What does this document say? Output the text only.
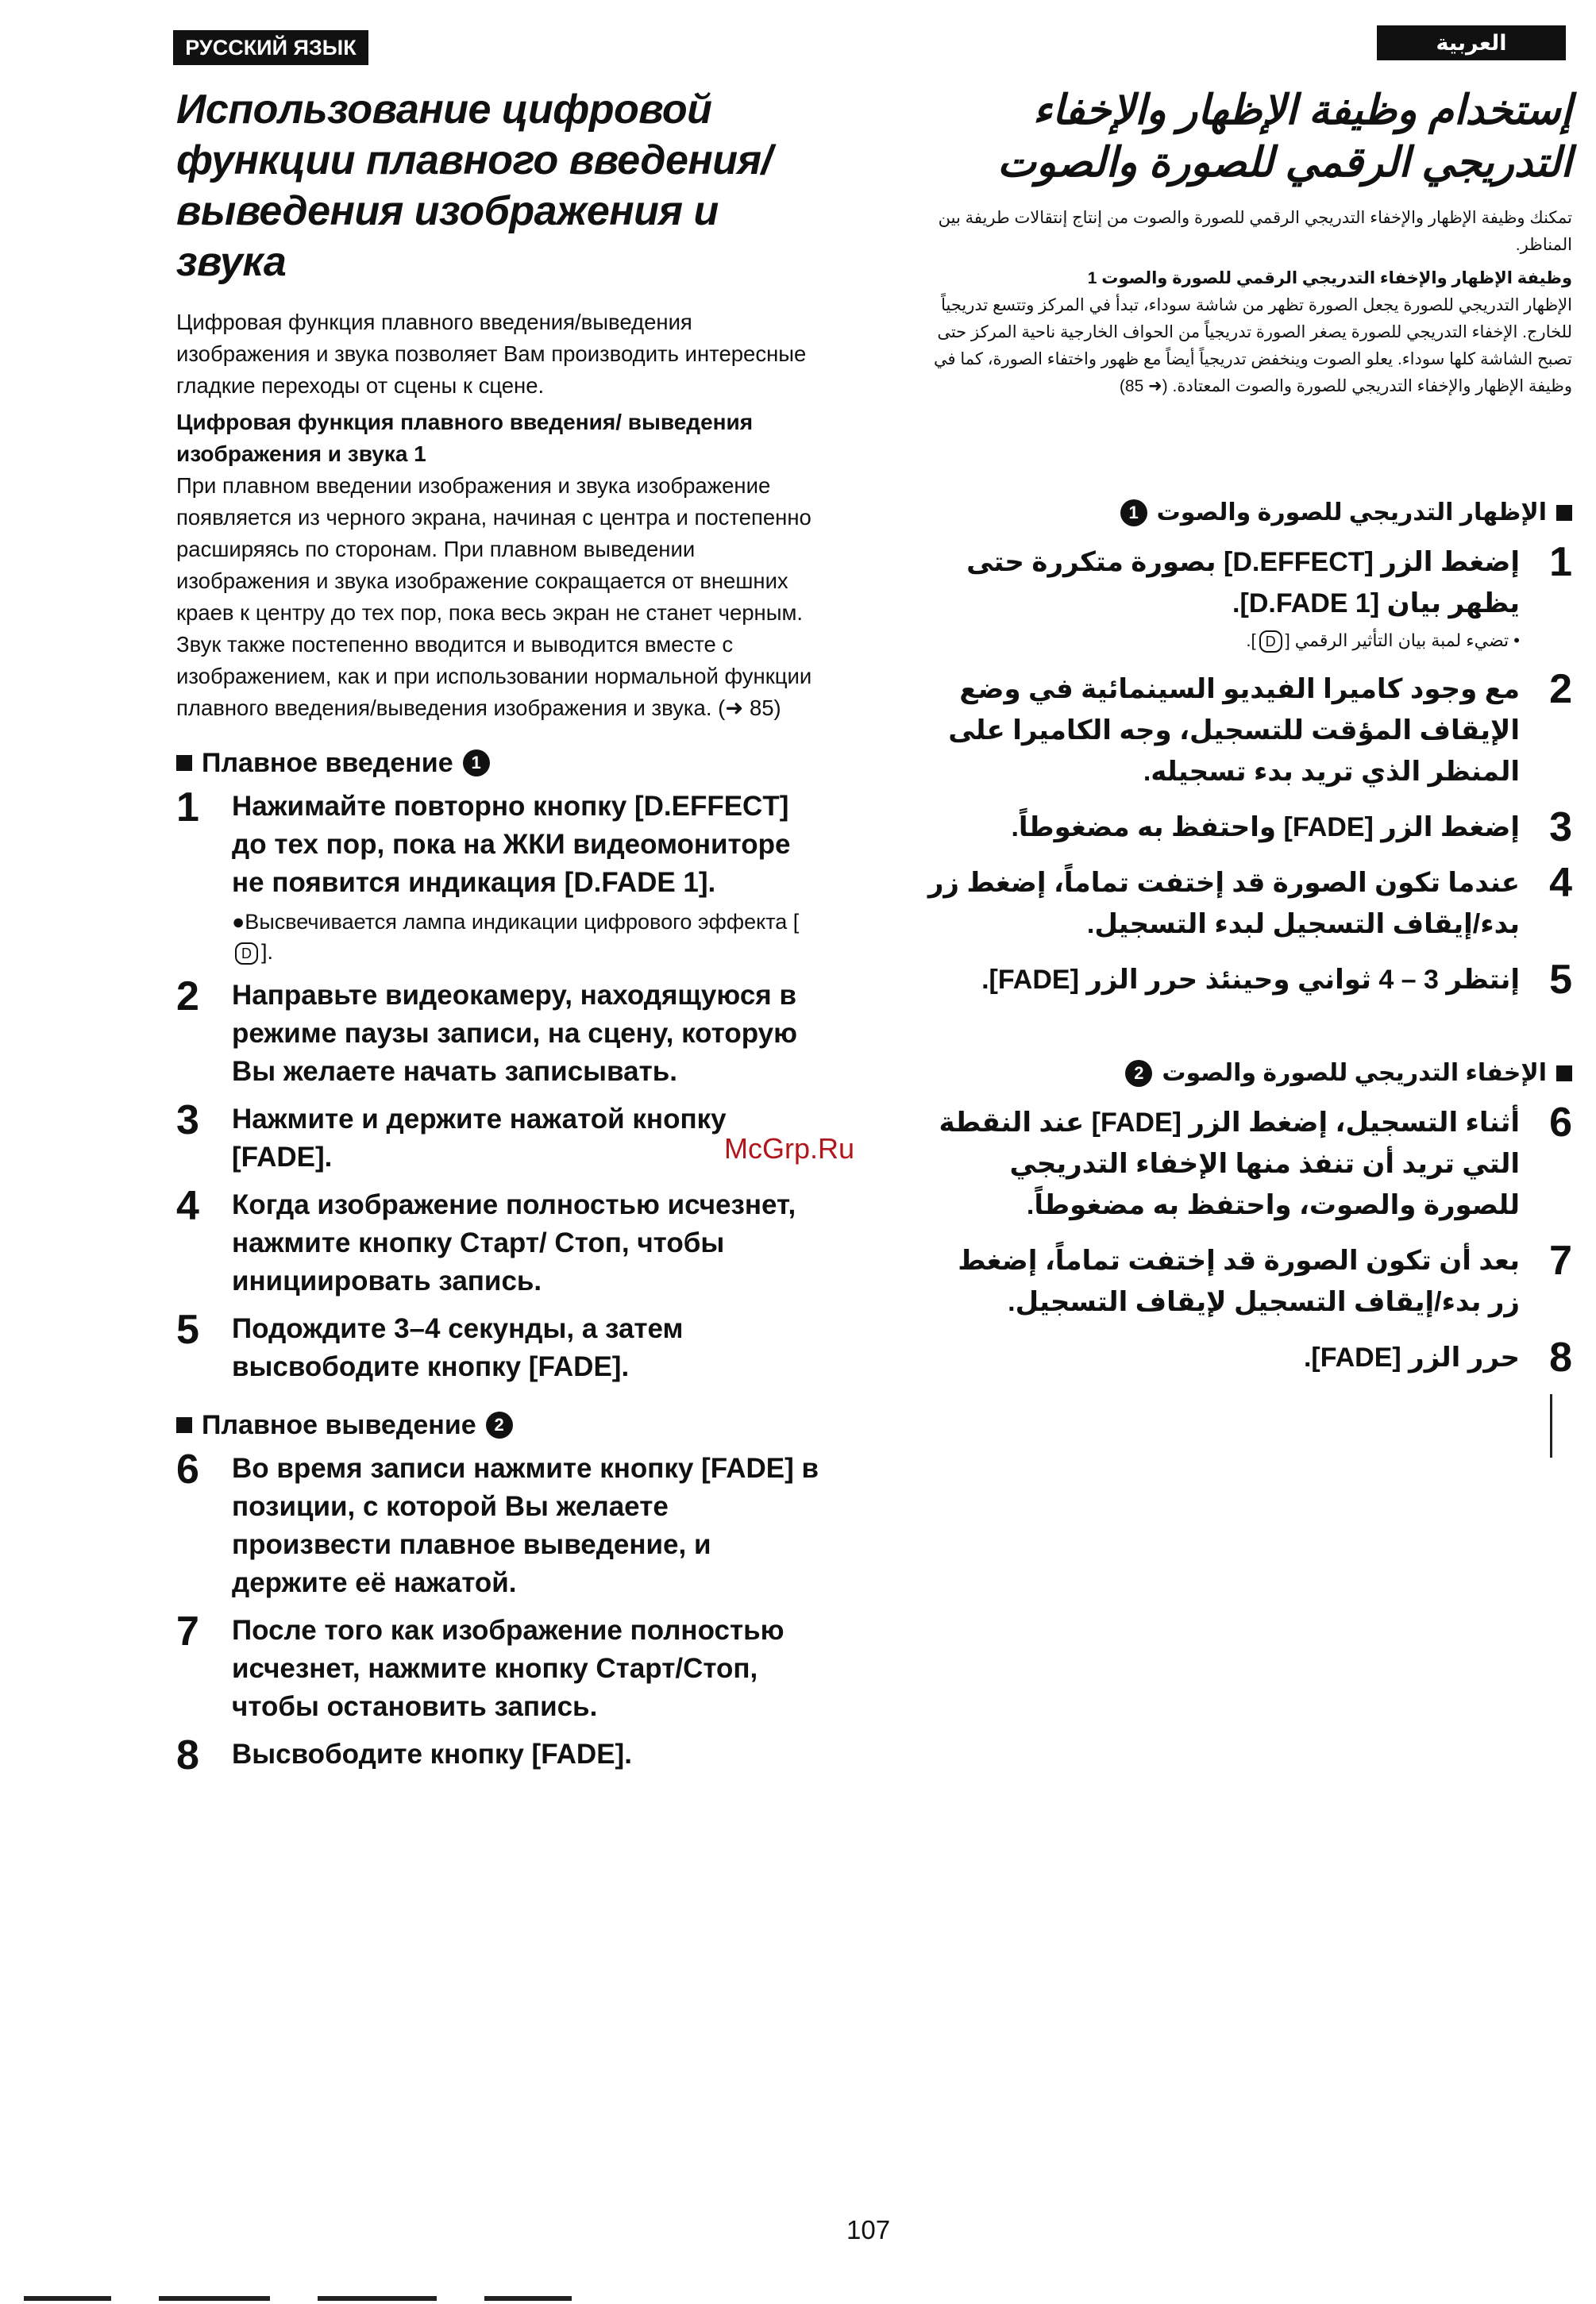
РУССКИЙ ЯЗЫК	العربية
Использование цифровой функции плавного введения/выведения изображения и звука

Цифровая функция плавного введения/выведения изображения и звука позволяет Вам производить интересные гладкие переходы от сцены к сцене.

Цифровая функция плавного введения/ выведения изображения и звука 1

При плавном введении изображения и звука изображение появляется из черного экрана, начиная с центра и постепенно расширяясь по сторонам. При плавном выведении изображения и звука изображение сокращается от внешних краев к центру до тех пор, пока весь экран не станет черным. Звук также постепенно вводится и выводится вместе с изображением, как и при использовании нормальной функции плавного введения/выведения изображения и звука. (➜ 85)

Плавное введение	1
1	Нажимайте повторно кнопку [D.EFFECT] до тех пор, пока на ЖКИ видеомониторе не появится индикация [D.FADE 1].

●Высвечивается лампа индикации цифрового эффекта [D ].

2	Направьте видеокамеру, находящуюся в режиме паузы записи, на сцену, которую Вы желаете начать записывать.

3	Нажмите и держите нажатой кнопку [FADE].

4	Когда изображение полностью исчезнет, нажмите кнопку Старт/ Стоп, чтобы инициировать запись.

5	Подождите 3–4 секунды, а затем высвободите кнопку [FADE].

Плавное выведение	2
6	Во время записи нажмите кнопку [FADE] в позиции, с которой Вы желаете произвести плавное выведение, и держите её нажатой.

7	После того как изображение полностью исчезнет, нажмите кнопку Старт/Стоп, чтобы остановить запись.

8	Высвободите кнопку [FADE].

إستخدام وظيفة الإظهار والإخفاء التدريجي الرقمي للصورة والصوت

تمكنك وظيفة الإظهار والإخفاء التدريجي الرقمي للصورة والصوت من إنتاج إنتقالات طريفة بين المناظر.

وظيفة الإظهار والإخفاء التدريجي الرقمي للصورة والصوت 1

الإظهار التدريجي للصورة يجعل الصورة تظهر من شاشة سوداء، تبدأ في المركز وتتسع تدريجياً للخارج. الإخفاء التدريجي للصورة يصغر الصورة تدريجياً من الحواف الخارجية ناحية المركز حتى تصبح الشاشة كلها سوداء. يعلو الصوت وينخفض تدريجياً أيضاً مع ظهور واختفاء الصورة، كما في وظيفة الإظهار والإخفاء التدريجي للصورة والصوت المعتادة. (➜ 85)

الإظهار التدريجي للصورة والصوت
1
1

إضغط الزر [D.EFFECT] بصورة متكررة حتى يظهر بيان [D.FADE 1].

• تضيء لمبة بيان التأثير الرقمي [D].

2

مع وجود كاميرا الفيديو السينمائية في وضع الإيقاف المؤقت للتسجيل، وجه الكاميرا على المنظر الذي تريد بدء تسجيله.

3

إضغط الزر [FADE] واحتفظ به مضغوطاً.

4

عندما تكون الصورة قد إختفت تماماً، إضغط زر بدء/إيقاف التسجيل لبدء التسجيل.

5

إنتظر 3 – 4 ثواني وحينئذ حرر الزر [FADE].

الإخفاء التدريجي للصورة والصوت
2
6

أثناء التسجيل، إضغط الزر [FADE] عند النقطة التي تريد أن تنفذ منها الإخفاء التدريجي للصورة والصوت، واحتفظ به مضغوطاً.

7

بعد أن تكون الصورة قد إختفت تماماً، إضغط زر بدء/إيقاف التسجيل لإيقاف التسجيل.

8

حرر الزر [FADE].

McGrp.Ru
107
